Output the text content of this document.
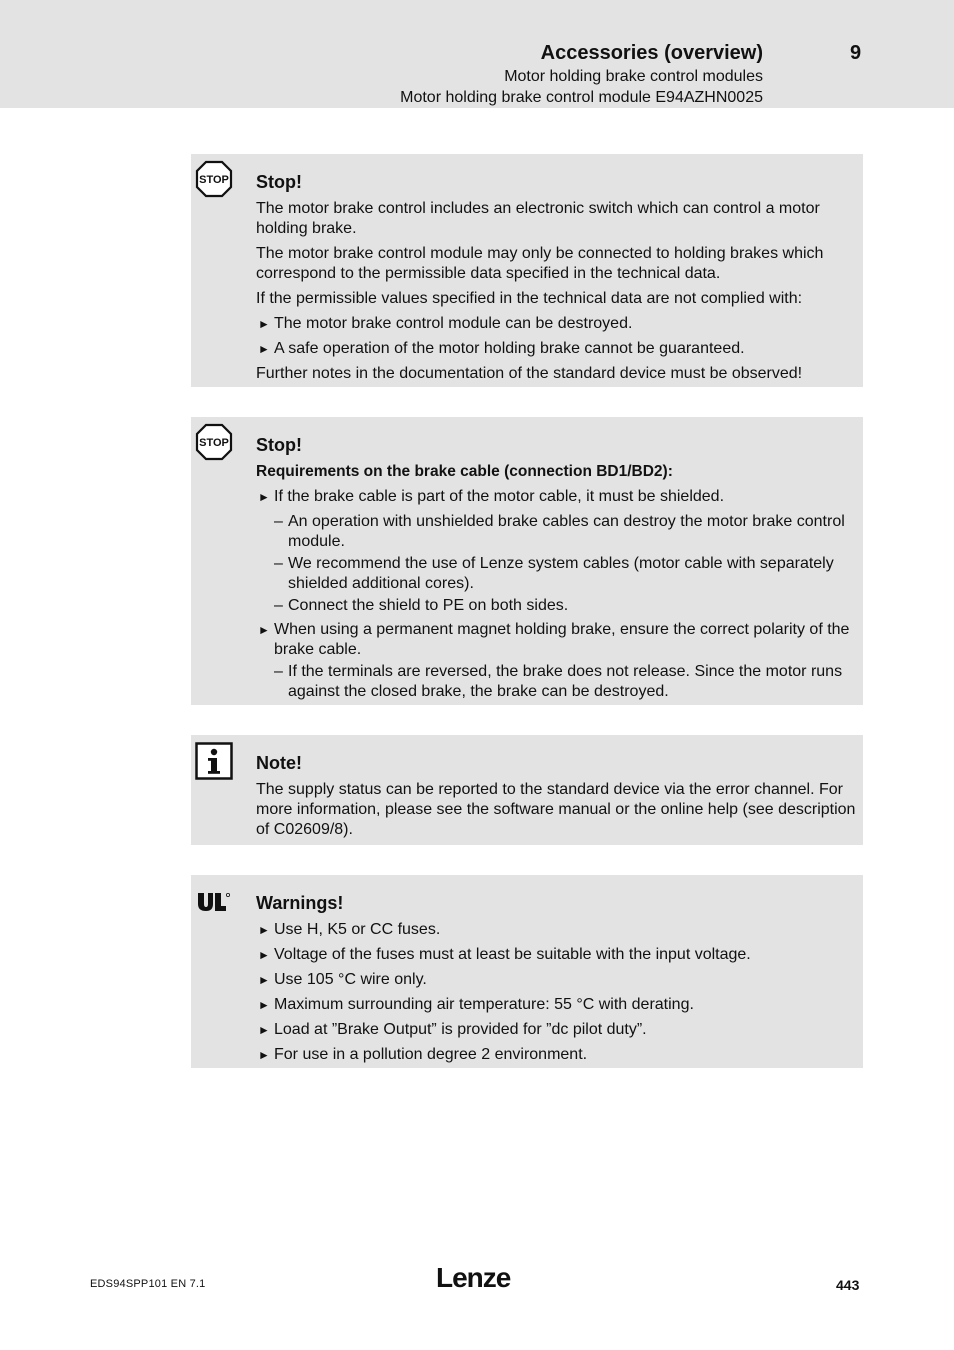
Accessories (overview)	9
Motor holding brake control modules
Motor holding brake control module E94AZHN0025
STOP Stop!
The motor brake control includes an electronic switch which can control a motor holding brake.
The motor brake control module may only be connected to holding brakes which correspond to the permissible data specified in the technical data.
If the permissible values specified in the technical data are not complied with:
► The motor brake control module can be destroyed.
► A safe operation of the motor holding brake cannot be guaranteed.
Further notes in the documentation of the standard device must be observed!
STOP Stop!
Requirements on the brake cable (connection BD1/BD2):
► If the brake cable is part of the motor cable, it must be shielded.
– An operation with unshielded brake cables can destroy the motor brake control module.
– We recommend the use of Lenze system cables (motor cable with separately shielded additional cores).
– Connect the shield to PE on both sides.
► When using a permanent magnet holding brake, ensure the correct polarity of the brake cable.
– If the terminals are reversed, the brake does not release. Since the motor runs against the closed brake, the brake can be destroyed.
Note!
The supply status can be reported to the standard device via the error channel. For more information, please see the software manual or the online help (see description of C02609/8).
Warnings!
► Use H, K5 or CC fuses.
► Voltage of the fuses must at least be suitable with the input voltage.
► Use 105 °C wire only.
► Maximum surrounding air temperature: 55 °C with derating.
► Load at ”Brake Output” is provided for ”dc pilot duty”.
► For use in a pollution degree 2 environment.
EDS94SPP101 EN 7.1	Lenze	443
